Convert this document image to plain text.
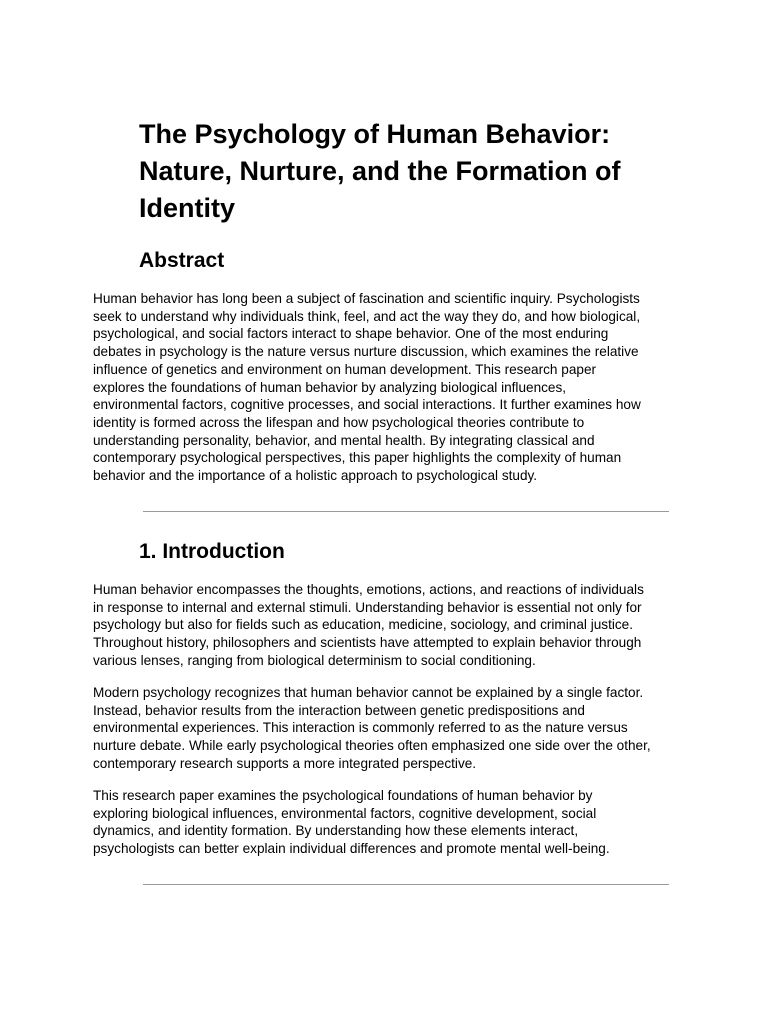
The Psychology of Human Behavior: Nature, Nurture, and the Formation of Identity
Abstract

Human behavior has long been a subject of fascination and scientific inquiry. Psychologists
seek to understand why individuals think, feel, and act the way they do, and how biological,
psychological, and social factors interact to shape behavior. One of the most enduring
debates in psychology is the nature versus nurture discussion, which examines the relative
influence of genetics and environment on human development. This research paper
explores the foundations of human behavior by analyzing biological influences,
environmental factors, cognitive processes, and social interactions. It further examines how
identity is formed across the lifespan and how psychological theories contribute to
understanding personality, behavior, and mental health. By integrating classical and
contemporary psychological perspectives, this paper highlights the complexity of human
behavior and the importance of a holistic approach to psychological study.

1. Introduction

Human behavior encompasses the thoughts, emotions, actions, and reactions of individuals
in response to internal and external stimuli. Understanding behavior is essential not only for
psychology but also for fields such as education, medicine, sociology, and criminal justice.
Throughout history, philosophers and scientists have attempted to explain behavior through
various lenses, ranging from biological determinism to social conditioning.

Modern psychology recognizes that human behavior cannot be explained by a single factor.
Instead, behavior results from the interaction between genetic predispositions and
environmental experiences. This interaction is commonly referred to as the nature versus
nurture debate. While early psychological theories often emphasized one side over the other,
contemporary research supports a more integrated perspective.

This research paper examines the psychological foundations of human behavior by
exploring biological influences, environmental factors, cognitive development, social
dynamics, and identity formation. By understanding how these elements interact,
psychologists can better explain individual differences and promote mental well-being.
